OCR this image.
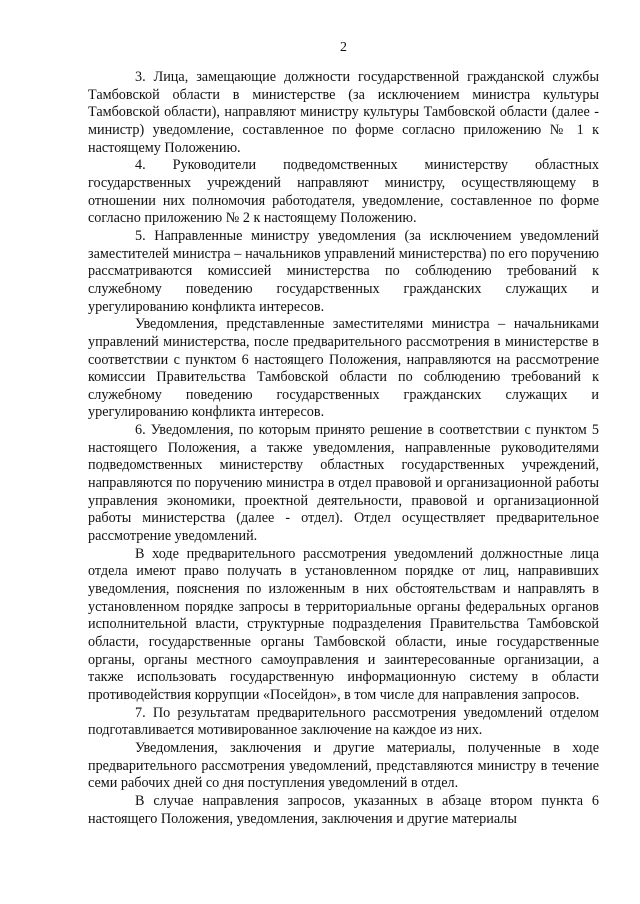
2

3. Лица, замещающие должности государственной гражданской службы Тамбовской области в министерстве (за исключением министра культуры Тамбовской области), направляют министру культуры Тамбовской области (далее - министр) уведомление, составленное по форме согласно приложению № 1 к настоящему Положению.

4. Руководители подведомственных министерству областных государственных учреждений направляют министру, осуществляющему в отношении них полномочия работодателя, уведомление, составленное по форме согласно приложению № 2 к настоящему Положению.

5. Направленные министру уведомления (за исключением уведомлений заместителей министра – начальников управлений министерства) по его поручению рассматриваются комиссией министерства по соблюдению требований к служебному поведению государственных гражданских служащих и урегулированию конфликта интересов.

Уведомления, представленные заместителями министра – начальниками управлений министерства, после предварительного рассмотрения в министерстве в соответствии с пунктом 6 настоящего Положения, направляются на рассмотрение комиссии Правительства Тамбовской области по соблюдению требований к служебному поведению государственных гражданских служащих и урегулированию конфликта интересов.

6. Уведомления, по которым принято решение в соответствии с пунктом 5 настоящего Положения, а также уведомления, направленные руководителями подведомственных министерству областных государственных учреждений, направляются по поручению министра в отдел правовой и организационной работы управления экономики, проектной деятельности, правовой и организационной работы министерства (далее - отдел). Отдел осуществляет предварительное рассмотрение уведомлений.

В ходе предварительного рассмотрения уведомлений должностные лица отдела имеют право получать в установленном порядке от лиц, направивших уведомления, пояснения по изложенным в них обстоятельствам и направлять в установленном порядке запросы в территориальные органы федеральных органов исполнительной власти, структурные подразделения Правительства Тамбовской области, государственные органы Тамбовской области, иные государственные органы, органы местного самоуправления и заинтересованные организации, а также использовать государственную информационную систему в области противодействия коррупции «Посейдон», в том числе для направления запросов.

7. По результатам предварительного рассмотрения уведомлений отделом подготавливается мотивированное заключение на каждое из них.

Уведомления, заключения и другие материалы, полученные в ходе предварительного рассмотрения уведомлений, представляются министру в течение семи рабочих дней со дня поступления уведомлений в отдел.

В случае направления запросов, указанных в абзаце втором пункта 6 настоящего Положения, уведомления, заключения и другие материалы
